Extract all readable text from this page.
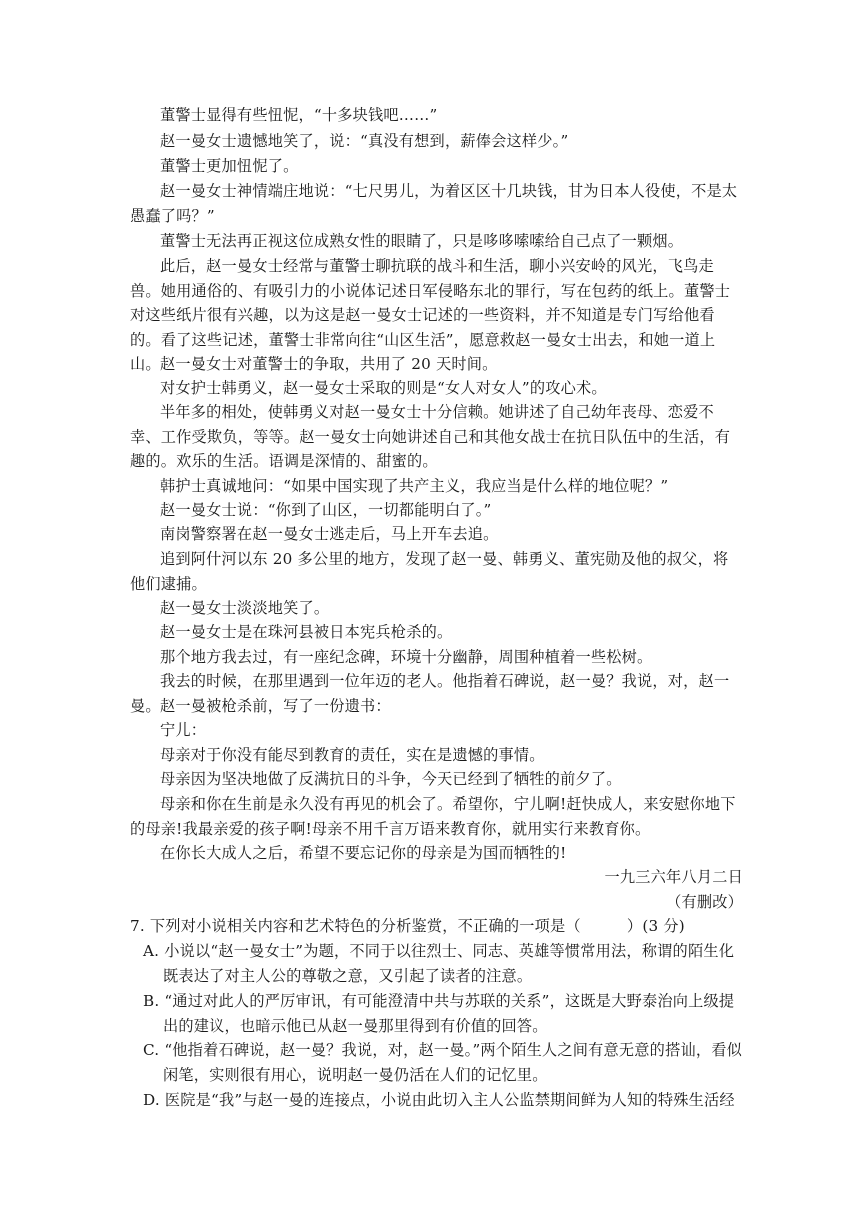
董警士显得有些忸怩，“十多块钱吧……”

赵一曼女士遗憾地笑了，说：“真没有想到，薪俸会这样少。”

董警士更加忸怩了。

赵一曼女士神情端庄地说：“七尺男儿，为着区区十几块钱，甘为日本人役使，不是太愚蠢了吗？”

董警士无法再正视这位成熟女性的眼睛了，只是哆哆嗦嗦给自己点了一颗烟。

此后，赵一曼女士经常与董警士聊抗联的战斗和生活，聊小兴安岭的风光，飞鸟走兽。她用通俗的、有吸引力的小说体记述日军侵略东北的罪行，写在包药的纸上。董警士对这些纸片很有兴趣，以为这是赵一曼女士记述的一些资料，并不知道是专门写给他看的。看了这些记述，董警士非常向往“山区生活”，愿意救赵一曼女士出去，和她一道上山。 赵一曼女士对董警士的争取，共用了 20 天时间。

对女护士韩勇义，赵一曼女士采取的则是“女人对女人”的攻心术。

半年多的相处，使韩勇义对赵一曼女士十分信赖。她讲述了自己幼年丧母、恋爱不幸、工作受欺负，等等。赵一曼女士向她讲述自己和其他女战士在抗日队伍中的生活，有趣的。欢乐的生活。语调是深情的、甜蜜的。

韩护士真诚地问：“如果中国实现了共产主义，我应当是什么样的地位呢？”

赵一曼女士说：“你到了山区，一切都能明白了。”

南岗警察署在赵一曼女士逃走后，马上开车去追。

追到阿什河以东 20 多公里的地方，发现了赵一曼、韩勇义、董宪勋及他的叔父，将他们逮捕。

赵一曼女士淡淡地笑了。

赵一曼女士是在珠河县被日本宪兵枪杀的。

那个地方我去过，有一座纪念碑，环境十分幽静，周围种植着一些松树。

我去的时候，在那里遇到一位年迈的老人。他指着石碑说，赵一曼？我说，对，赵一曼。 赵一曼被枪杀前，写了一份遗书：

宁儿：

母亲对于你没有能尽到教育的责任，实在是遗憾的事情。

母亲因为坚决地做了反满抗日的斗争，今天已经到了牺牲的前夕了。

母亲和你在生前是永久没有再见的机会了。希望你，宁儿啊!赶快成人，来安慰你地下的母亲!我最亲爱的孩子啊!母亲不用千言万语来教育你，就用实行来教育你。

在你长大成人之后，希望不要忘记你的母亲是为国而牺牲的!

一九三六年八月二日

（有删改）

7. 下列对小说相关内容和艺术特色的分析鉴赏，不正确的一项是（　　　）(3 分)

A. 小说以“赵一曼女士”为题，不同于以往烈士、同志、英雄等惯常用法，称谓的陌生化既表达了对主人公的尊敬之意，又引起了读者的注意。

B. “通过对此人的严厉审讯，有可能澄清中共与苏联的关系”，这既是大野泰治向上级提出的建议，也暗示他已从赵一曼那里得到有价值的回答。

C. “他指着石碑说，赵一曼？我说，对，赵一曼。”两个陌生人之间有意无意的搭讪，看似闲笔，实则很有用心，说明赵一曼仍活在人们的记忆里。

D. 医院是“我”与赵一曼的连接点，小说由此切入主人公监禁期间鲜为人知的特殊生活经
